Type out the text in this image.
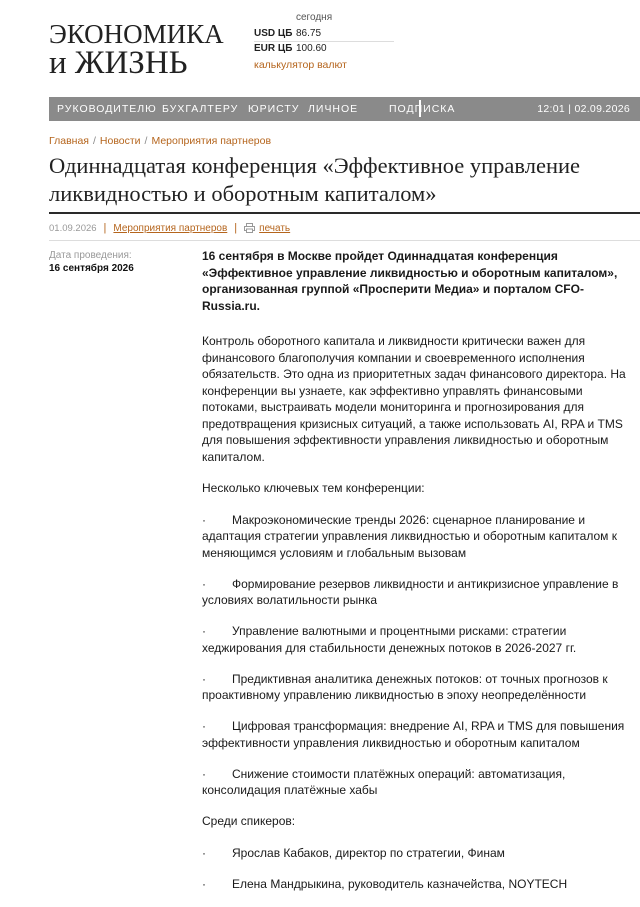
ЭКОНОМИКА
и ЖИЗНЬ
сегодня
USD ЦБ 86.75
EUR ЦБ 100.60
калькулятор валют
РУКОВОДИТЕЛЮ БУХГАЛТЕРУ ЮРИСТУ ЛИЧНОЕ	ПОДПИСКА	12:01 | 02.09.2026
Главная / Новости / Мероприятия партнеров
Одиннадцатая конференция «Эффективное управление ликвидностью и оборотным капиталом»
01.09.2026 | Мероприятия партнеров | печать
Дата проведения:
16 сентября 2026

16 сентября в Москве пройдет Одиннадцатая конференция «Эффективное управление ликвидностью и оборотным капиталом», организованная группой «Просперити Медиа» и порталом CFO-Russia.ru.

Контроль оборотного капитала и ликвидности критически важен для финансового благополучия компании и своевременного исполнения обязательств. Это одна из приоритетных задач финансового директора. На конференции вы узнаете, как эффективно управлять финансовыми потоками, выстраивать модели мониторинга и прогнозирования для предотвращения кризисных ситуаций, а также использовать AI, RPA и TMS для повышения эффективности управления ликвидностью и оборотным капиталом.

Несколько ключевых тем конференции:

· Макроэкономические тренды 2026: сценарное планирование и адаптация стратегии управления ликвидностью и оборотным капиталом к меняющимся условиям и глобальным вызовам
· Формирование резервов ликвидности и антикризисное управление в условиях волатильности рынка
· Управление валютными и процентными рисками: стратегии хеджирования для стабильности денежных потоков в 2026-2027 гг.
· Предиктивная аналитика денежных потоков: от точных прогнозов к проактивному управлению ликвидностью в эпоху неопределённости
· Цифровая трансформация: внедрение AI, RPA и TMS для повышения эффективности управления ликвидностью и оборотным капиталом
· Снижение стоимости платёжных операций: автоматизация, консолидация платёжные хабы

Среди спикеров:

· Ярослав Кабаков, директор по стратегии, Финам
· Елена Мандрыкина, руководитель казначейства, NOYTECH
